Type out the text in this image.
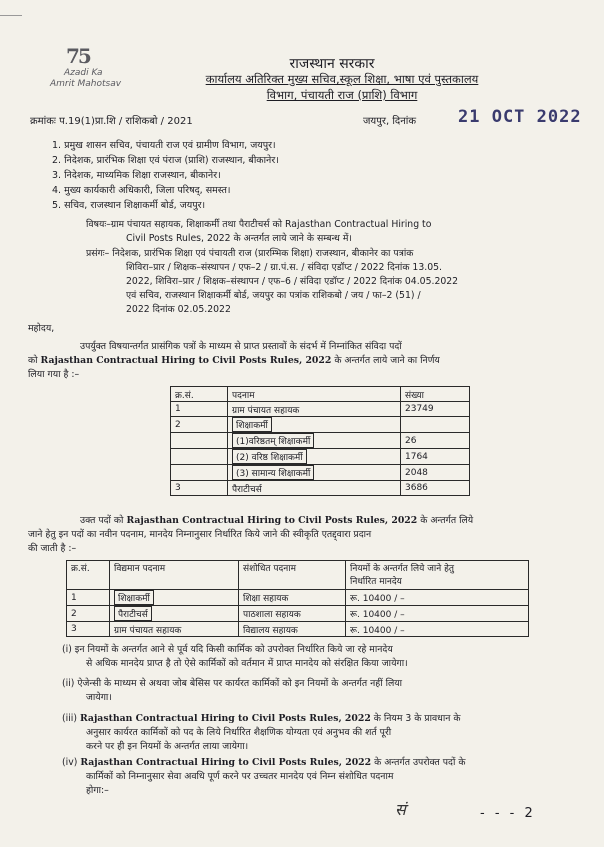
75
Azadi Ka
Amrit Mahotsav
राजस्थान सरकार
कार्यालय अतिरिक्त मुख्य सचिव,स्कूल शिक्षा, भाषा एवं पुस्तकालय
विभाग, पंचायती राज (प्राशि) विभाग
क्रमांकः प.19(1)प्रा.शि / राशिकबो / 2021	जयपुर, दिनांक 21 OCT 2022
1. प्रमुख शासन सचिव, पंचायती राज एवं ग्रामीण विभाग, जयपुर।
2. निदेशक, प्रारंभिक शिक्षा एवं पंराज (प्राशि) राजस्थान, बीकानेर।
3. निदेशक, माध्यमिक शिक्षा राजस्थान, बीकानेर।
4. मुख्य कार्यकारी अधिकारी, जिला परिषद्, समस्त।
5. सचिव, राजस्थान शिक्षाकर्मी बोर्ड, जयपुर।
विषयः–ग्राम पंचायत सहायक, शिक्षाकर्मी तथा पैराटीचर्स को Rajasthan Contractual Hiring to
Civil Posts Rules, 2022 के अन्तर्गत लाये जाने के सम्बन्ध में।
प्रसंगः– निदेशक, प्रारंभिक शिक्षा एवं पंचायती राज (प्रारम्भिक शिक्षा) राजस्थान, बीकानेर का पत्रांक
शिविरा–प्रार / शिक्षक–संस्थापन / एफ–2 / ग्रा.पं.स. / संविदा एडॉप्ट / 2022 दिनांक 13.05.
2022, शिविरा–प्रार / शिक्षक–संस्थापन / एफ–6 / संविदा एडॉप्ट / 2022 दिनांक 04.05.2022
एवं सचिव, राजस्थान शिक्षाकर्मी बोर्ड, जयपुर का पत्रांक राशिकबो / जय / फा–2 (51) /
2022 दिनांक 02.05.2022
महोदय,
उपर्युक्त विषयान्तर्गत प्रासंगिक पत्रों के माध्यम से प्राप्त प्रस्तावों के संदर्भ में निम्नांकित संविदा पदों
को Rajasthan Contractual Hiring to Civil Posts Rules, 2022 के अन्तर्गत लाये जाने का निर्णय
लिया गया है :–
क्र.सं.	पदनाम	संख्या
1	ग्राम पंचायत सहायक	23749
2	शिक्षाकर्मी	
	(1)वरिष्ठतम् शिक्षाकर्मी	26
	(2) वरिष्ठ शिक्षाकर्मी	1764
	(3) सामान्य शिक्षाकर्मी	2048
3	पैराटीचर्स	3686
उक्त पदों को Rajasthan Contractual Hiring to Civil Posts Rules, 2022 के अन्तर्गत लिये
जाने हेतु इन पदों का नवीन पदनाम, मानदेय निम्नानुसार निर्धारित किये जाने की स्वीकृति एतद्द्वारा प्रदान
की जाती है :–
क्र.सं.	विद्यमान पदनाम	संशोधित पदनाम	नियमों के अन्तर्गत लिये जाने हेतु
निर्धारित मानदेय

1	शिक्षाकर्मी	शिक्षा सहायक	रू. 10400 / –
2	पैराटीचर्स	पाठशाला सहायक	रू. 10400 / –
3	ग्राम पंचायत सहायक	विद्यालय सहायक	रू. 10400 / –
(i) इन नियमों के अन्तर्गत आने से पूर्व यदि किसी कार्मिक को उपरोक्त निर्धारित किये जा रहे मानदेय
से अधिक मानदेय प्राप्त है तो ऐसे कार्मिकों को वर्तमान में प्राप्त मानदेय को संरक्षित किया जायेगा।
(ii) ऐजेन्सी के माध्यम से अथवा जोब बेसिस पर कार्यरत कार्मिकों को इन नियमों के अन्तर्गत नहीं लिया
जायेगा।
(iii) Rajasthan Contractual Hiring to Civil Posts Rules, 2022 के नियम 3 के प्रावधान के
अनुसार कार्यरत कार्मिकों को पद के लिये निर्धारित शैक्षणिक योग्यता एवं अनुभव की शर्त पूरी
करने पर ही इन नियमों के अन्तर्गत लाया जायेगा।
(iv) Rajasthan Contractual Hiring to Civil Posts Rules, 2022 के अन्तर्गत उपरोक्त पदों के
कार्मिकों को निम्नानुसार सेवा अवधि पूर्ण करने पर उच्चतर मानदेय एवं निम्न संशोधित पदनाम
होगा:–
सं	- - - 2
